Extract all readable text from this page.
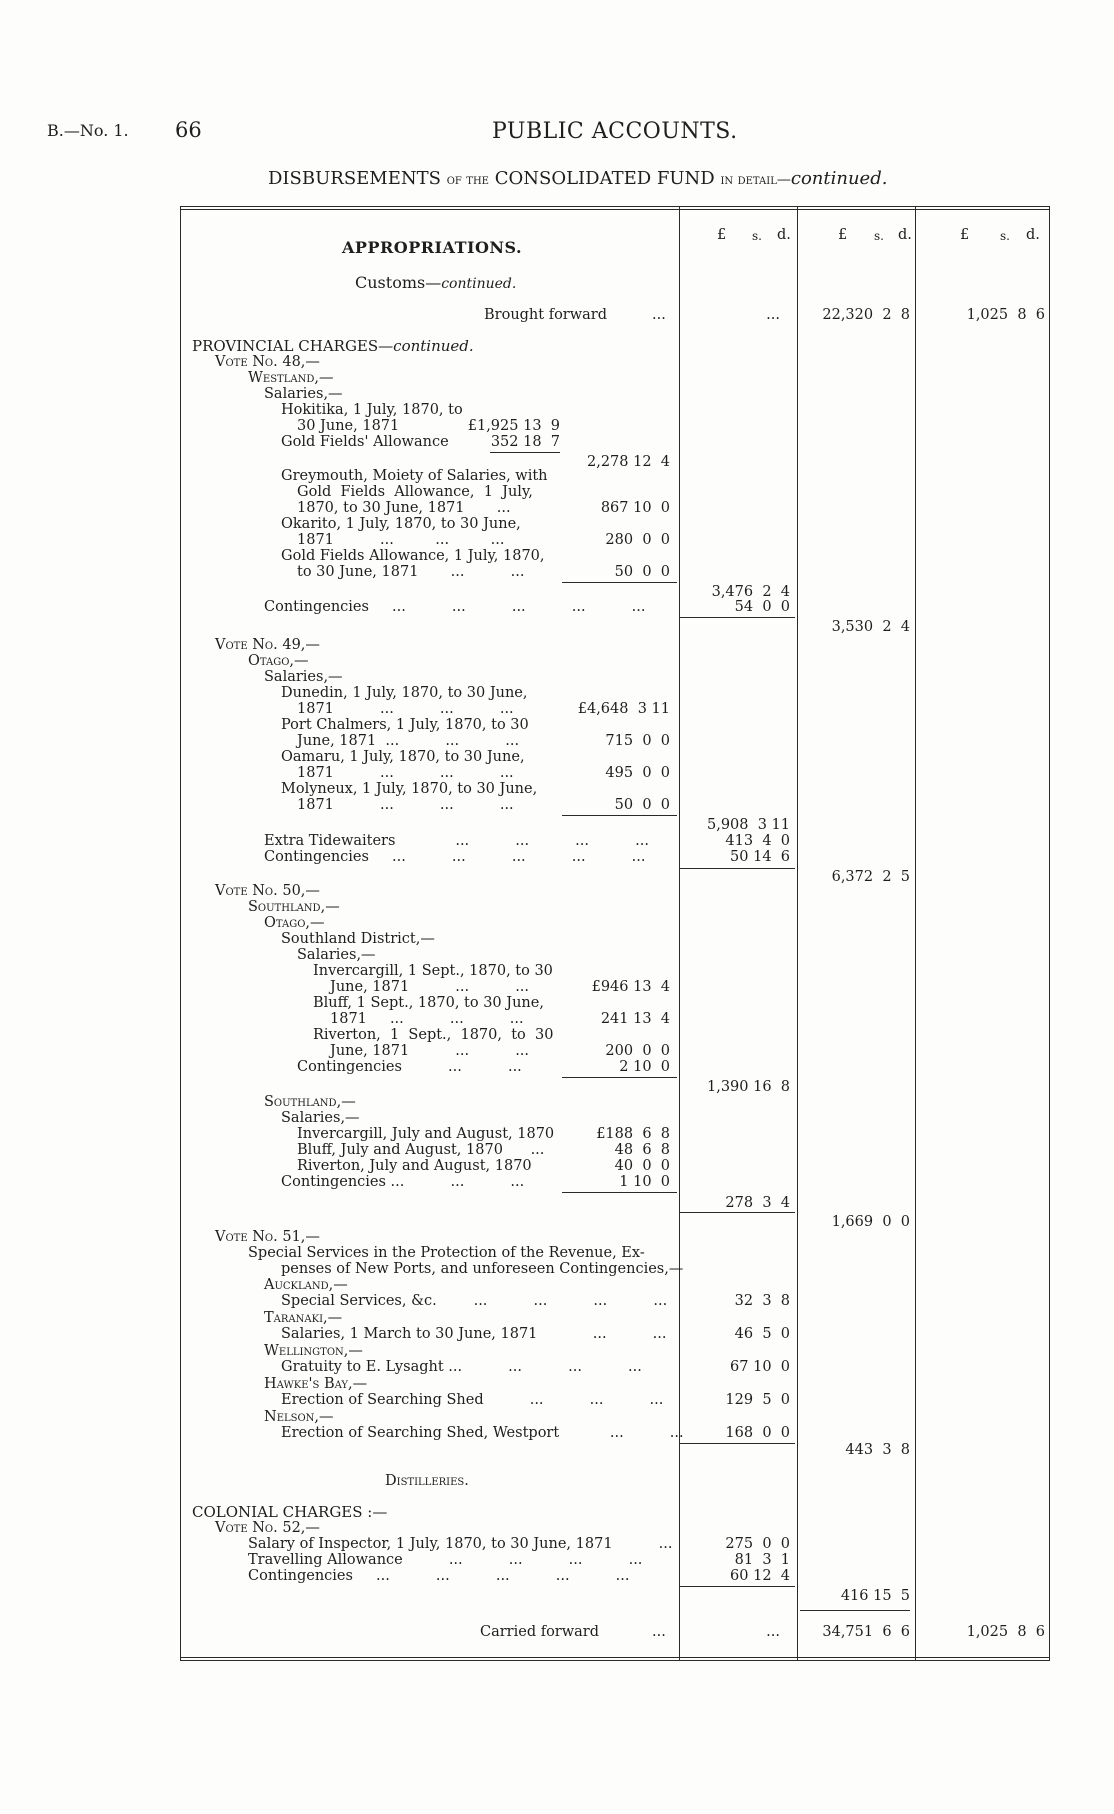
B.—No. 1. 66	PUBLIC ACCOUNTS.
DISBURSEMENTS of the CONSOLIDATED FUND in detail—continued.
£ s. d.	£ s. d.	£	s. d.
APPROPRIATIONS.
Customs—continued.
Brought forward	...	...	22,320  2  8	1,025  8  6
PROVINCIAL CHARGES—continued.
Vote No. 48,—
Westland,—
Salaries,—
Hokitika, 1 July, 1870, to
30 June, 1871	£1,925 13  9
Gold Fields' Allowance	352 18  7
2,278 12  4
Greymouth, Moiety of Salaries, with
Gold  Fields  Allowance,  1  July,
1870, to 30 June, 1871       ...	867 10  0
Okarito, 1 July, 1870, to 30 June,
1871          ...         ...         ...	280  0  0
Gold Fields Allowance, 1 July, 1870,
to 30 June, 1871       ...          ...	50  0  0
3,476  2  4
Contingencies     ...          ...          ...          ...          ...	54  0  0
3,530  2  4
Vote No. 49,—
Otago,—
Salaries,—
Dunedin, 1 July, 1870, to 30 June,
1871          ...          ...          ...	£4,648  3 11
Port Chalmers, 1 July, 1870, to 30
June, 1871  ...          ...          ...	715  0  0
Oamaru, 1 July, 1870, to 30 June,
1871          ...          ...          ...	495  0  0
Molyneux, 1 July, 1870, to 30 June,
1871          ...          ...          ...	50  0  0
5,908  3 11
Extra Tidewaiters             ...          ...          ...          ...	413  4  0
Contingencies     ...          ...          ...          ...          ...	50 14  6
6,372  2  5
Vote No. 50,—
Southland,—
Otago,—
Southland District,—
Salaries,—
Invercargill, 1 Sept., 1870, to 30
June, 1871          ...          ...	£946 13  4
Bluff, 1 Sept., 1870, to 30 June,
1871     ...          ...          ...	241 13  4
Riverton,  1  Sept.,  1870,  to  30
June, 1871          ...          ...	200  0  0
Contingencies          ...          ...	2 10  0
1,390 16  8
Southland,—
Salaries,—
Invercargill, July and August, 1870	£188  6  8
Bluff, July and August, 1870      ...	48  6  8
Riverton, July and August, 1870	40  0  0
Contingencies ...          ...          ...	1 10  0
278  3  4
1,669  0  0
Vote No. 51,—
Special Services in the Protection of the Revenue, Ex-
penses of New Ports, and unforeseen Contingencies,—
Auckland,—
Special Services, &c.        ...          ...          ...          ...	32  3  8
Taranaki,—
Salaries, 1 March to 30 June, 1871            ...          ...	46  5  0
Wellington,—
Gratuity to E. Lysaght ...          ...          ...          ...	67 10  0
Hawke's Bay,—
Erection of Searching Shed          ...          ...          ...	129  5  0
Nelson,—
Erection of Searching Shed, Westport           ...          ...	168  0  0
443  3  8
Distilleries.
COLONIAL CHARGES :—
Vote No. 52,—
Salary of Inspector, 1 July, 1870, to 30 June, 1871          ...	275  0  0
Travelling Allowance          ...          ...          ...          ...	81  3  1
Contingencies     ...          ...          ...          ...          ...	60 12  4
416 15  5
Carried forward	...	...	34,751  6  6	1,025  8  6
